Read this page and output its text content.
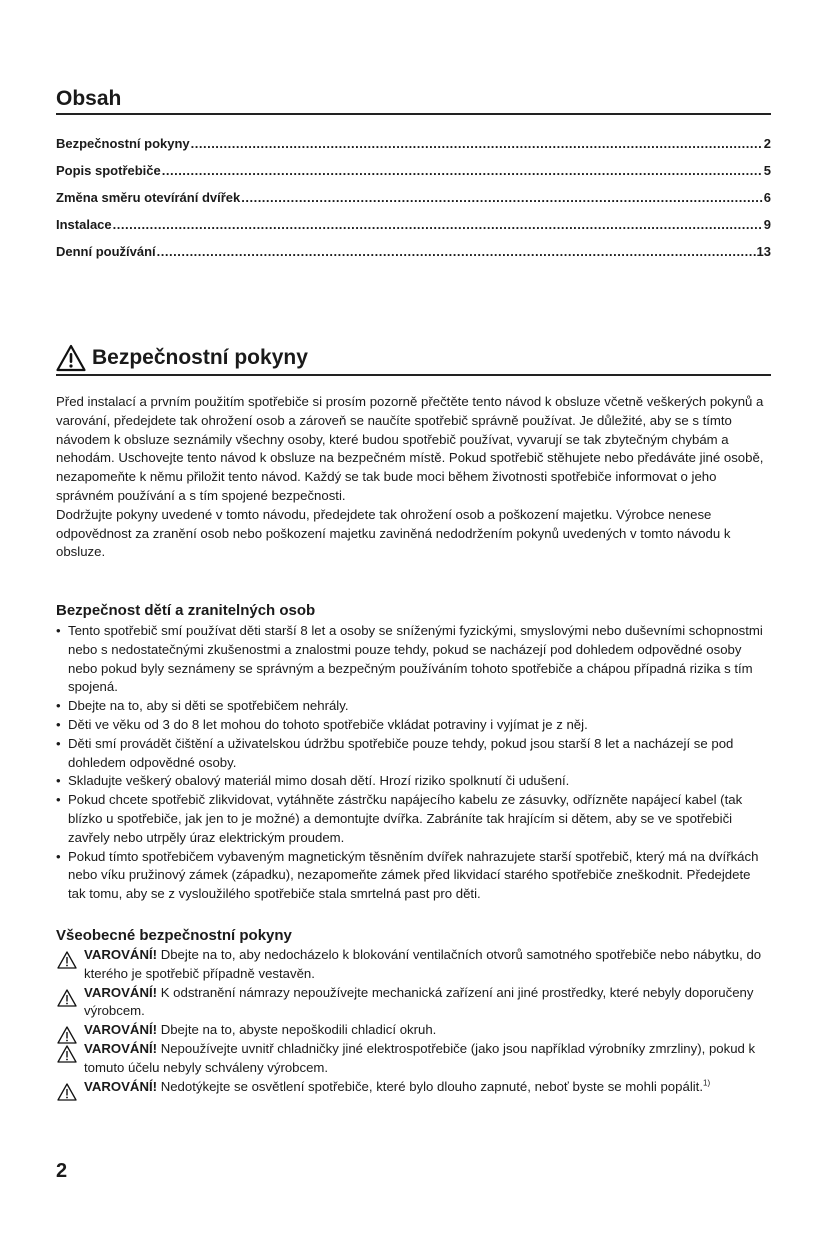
Obsah
Bezpečnostní pokyny .....	2
Popis spotřebiče .....	5
Změna směru otevírání dvířek .....	6
Instalace .....	9
Denní používání .....	13
Bezpečnostní pokyny

Před instalací a prvním použitím spotřebiče si prosím pozorně přečtěte tento návod k obsluze včetně veškerých pokynů a varování, předejdete tak ohrožení osob a zároveň se naučíte spotřebič správně používat. Je důležité, aby se s tímto návodem k obsluze seznámily všechny osoby, které budou spotřebič používat, vyvarují se tak zbytečným chybám a nehodám. Uschovejte tento návod k obsluze na bezpečném místě. Pokud spotřebič stěhujete nebo předáváte jiné osobě, nezapomeňte k němu přiložit tento návod. Každý se tak bude moci během životnosti spotřebiče informovat o jeho správném používání a s tím spojené bezpečnosti.

Dodržujte pokyny uvedené v tomto návodu, předejdete tak ohrožení osob a poškození majetku. Výrobce nenese odpovědnost za zranění osob nebo poškození majetku zaviněná nedodržením pokynů uvedených v tomto návodu k obsluze.

Bezpečnost dětí a zranitelných osob
• Tento spotřebič smí používat děti starší 8 let a osoby se sníženými fyzickými, smyslovými nebo duševními schopnostmi nebo s nedostatečnými zkušenostmi a znalostmi pouze tehdy, pokud se nacházejí pod dohledem odpovědné osoby nebo pokud byly seznámeny se správným a bezpečným používáním tohoto spotřebiče a chápou případná rizika s tím spojená.
• Dbejte na to, aby si děti se spotřebičem nehrály.
• Děti ve věku od 3 do 8 let mohou do tohoto spotřebiče vkládat potraviny i vyjímat je z něj.
• Děti smí provádět čištění a uživatelskou údržbu spotřebiče pouze tehdy, pokud jsou starší 8 let a nacházejí se pod dohledem odpovědné osoby.
• Skladujte veškerý obalový materiál mimo dosah dětí. Hrozí riziko spolknutí či udušení.
• Pokud chcete spotřebič zlikvidovat, vytáhněte zástrčku napájecího kabelu ze zásuvky, odřízněte napájecí kabel (tak blízko u spotřebiče, jak jen to je možné) a demontujte dvířka. Zabráníte tak hrajícím si dětem, aby se ve spotřebiči zavřely nebo utrpěly úraz elektrickým proudem.
• Pokud tímto spotřebičem vybaveným magnetickým těsněním dvířek nahrazujete starší spotřebič, který má na dvířkách nebo víku pružinový zámek (západku), nezapomeňte zámek před likvidací starého spotřebiče zneškodnit. Předejdete tak tomu, aby se z vysloužilého spotřebiče stala smrtelná past pro děti.
Všeobecné bezpečnostní pokyny
VAROVÁNÍ! Dbejte na to, aby nedocházelo k blokování ventilačních otvorů samotného spotřebiče nebo nábytku, do kterého je spotřebič případně vestavěn.
VAROVÁNÍ! K odstranění námrazy nepoužívejte mechanická zařízení ani jiné prostředky, které nebyly doporučeny výrobcem.
VAROVÁNÍ! Dbejte na to, abyste nepoškodili chladicí okruh.
VAROVÁNÍ! Nepoužívejte uvnitř chladničky jiné elektrospotřebiče (jako jsou například výrobníky zmrzliny), pokud k tomuto účelu nebyly schváleny výrobcem.
VAROVÁNÍ! Nedotýkejte se osvětlení spotřebiče, které bylo dlouho zapnuté, neboť byste se mohli popálit.$^{1)}$
2
